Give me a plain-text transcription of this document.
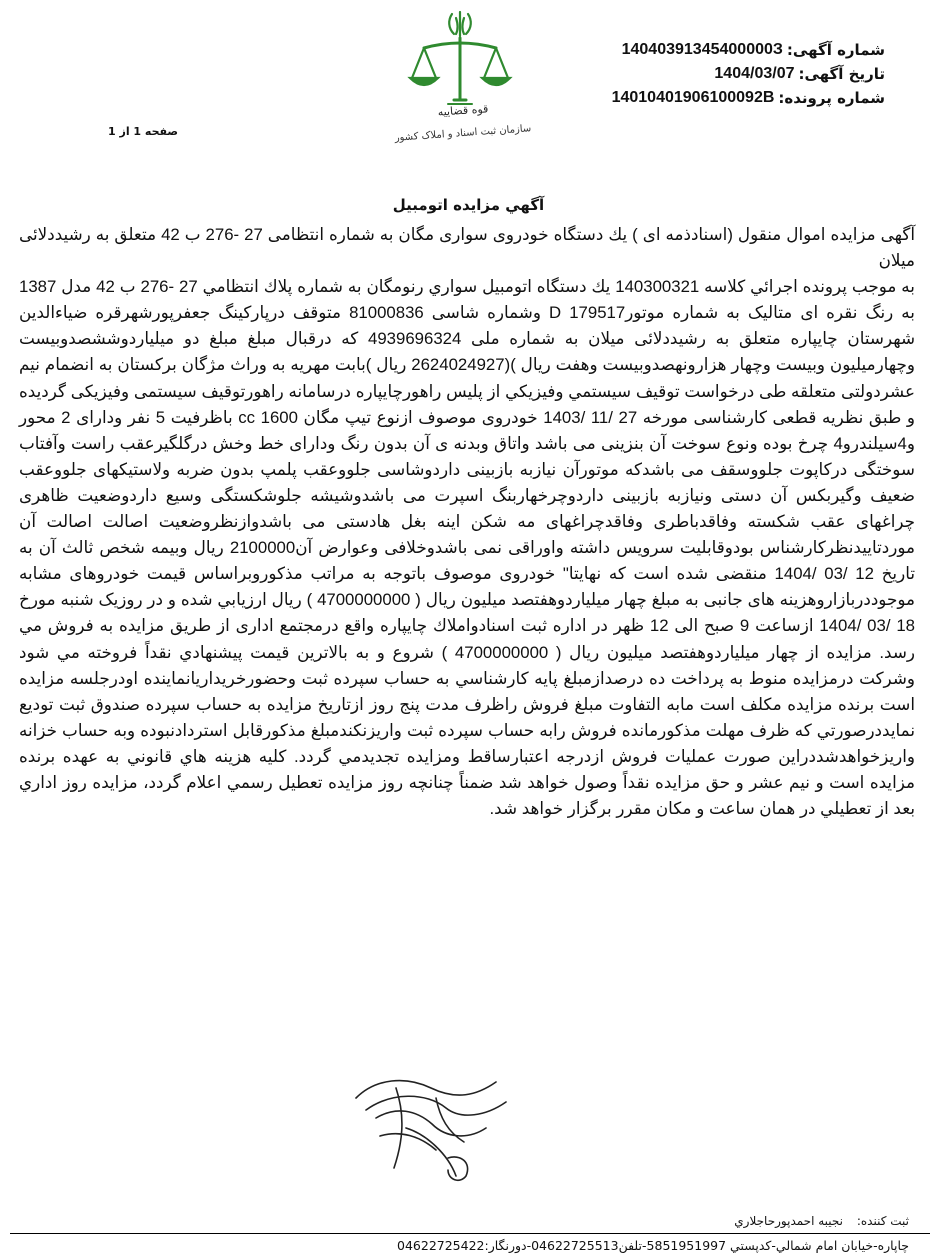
شماره آگهی:
14040391345400000З
تاریخ آگهی:
1404/03/07
شماره پرونده:
14010401906100092В
قوه قضاییه
سازمان ثبت اسناد و املاک کشور
صفحه 1 از 1
آگهي مزايده اتومبيل

آگهی مزایده اموال منقول (اسنادذمه ای ) يك دستگاه خودروی سواری مگان به شماره انتظامی 27 -276 ب 42 متعلق به رشیددلائی میلان

به موجب پرونده اجرائي كلاسه 140300321 يك دستگاه اتومبيل سواري رنومگان به شماره پلاك انتظامي 27 -276 ب 42 مدل 1387 به رنگ نقره ای متالیک به شماره موتور179517 D وشماره شاسی 81000836 متوقف درپارکینگ جعفرپورشهرقره ضیاءالدین شهرستان چایپاره متعلق به رشیددلائی میلان به شماره ملی 4939696324 که درقبال مبلغ مبلغ دو میلیاردوششصدوبیست وچهارمیلیون وبیست وچهار هزارونهصدوبیست وهفت ریال )(2624024927 ریال )بابت مهریه به وراث مژگان برکستان به انضمام نیم عشردولتی متعلقه طی درخواست توقیف سیستمي وفيزيكي از پلیس راهورچایپاره درسامانه راهورتوقیف سیستمی وفیزیکی گردیده و طبق نظریه قطعی کارشناسی مورخه 27 /11 /1403 خودروی موصوف ازنوع تیپ مگان 1600 cc باظرفیت 5 نفر ودارای 2 محور و4سیلندرو4 چرخ بوده ونوع سوخت آن بنزینی می باشد واتاق وبدنه ی آن بدون رنگ ودارای خط وخش درگلگیرعقب راست وآفتاب سوختگی درکاپوت جلووسقف می باشدکه موتورآن نیازبه بازبینی داردوشاسی جلووعقب پلمپ بدون ضربه ولاستیکهای جلووعقب ضعیف وگیربکس آن دستی ونیازبه بازبینی داردوچرخهاربنگ اسپرت می باشدوشیشه جلوشکستگی وسیع داردوضعیت ظاهری چراغهای عقب شکسته وفاقدباطری وفاقدچراغهای مه شکن اینه بغل هادستی می باشدوازنظروضعیت اصالت اصالت آن موردتاییدنظرکارشناس بودوقابلیت سرویس داشته واوراقی نمی باشدوخلافی وعوارض آن2100000 ریال وبیمه شخص ثالث آن به تاریخ 12 /03 /1404 منقضی شده است که نهایتا" خودروی موصوف باتوجه به مراتب مذکوروبراساس قیمت خودروهای مشابه موجوددربازاروهزینه های جانبی به مبلغ چهار میلیاردوهفتصد میلیون ریال ( 4700000000 ) ريال ارزيابي شده و در روزیک شنبه مورخ 18 /03 /1404 ازساعت 9 صبح الی 12 ظهر در اداره ثبت اسنادواملاك چایپاره واقع درمجتمع اداری از طریق مزایده به فروش مي رسد. مزايده از چهار میلیاردوهفتصد میلیون ریال ( 4700000000 ) شروع و به بالاترين قيمت پيشنهادي نقداً فروخته مي شود وشرکت درمزایده منوط به پرداخت ده درصدازمبلغ پایه كارشناسي به حساب سپرده ثبت وحضورخریداریانماینده اودرجلسه مزایده است برنده مزايده مكلف است مابه التفاوت مبلغ فروش راظرف مدت پنج روز ازتاريخ مزايده به حساب سپرده صندوق ثبت توديع نمايددرصورتي كه ظرف مهلت مذكورمانده فروش رابه حساب سپرده ثبت واريزنكندمبلغ مذكورقابل استردادنبوده وبه حساب خزانه واريزخواهدشددراين صورت عمليات فروش ازدرجه اعتبارساقط ومزايده تجديدمي گردد. كليه هزينه هاي قانوني به عهده برنده مزايده است و نيم عشر و حق مزايده نقداً وصول خواهد شد ضمناً چنانچه روز مزايده تعطيل رسمي اعلام گردد، مزايده روز اداري بعد از تعطيلي در همان ساعت و مكان مقرر برگزار خواهد شد.

ثبت كننده: نجيبه احمدپورحاجلاري
چاپاره-خيابان امام شمالي-كدپستي 5851951997-تلفن04622725513-دورنگار:04622725422
